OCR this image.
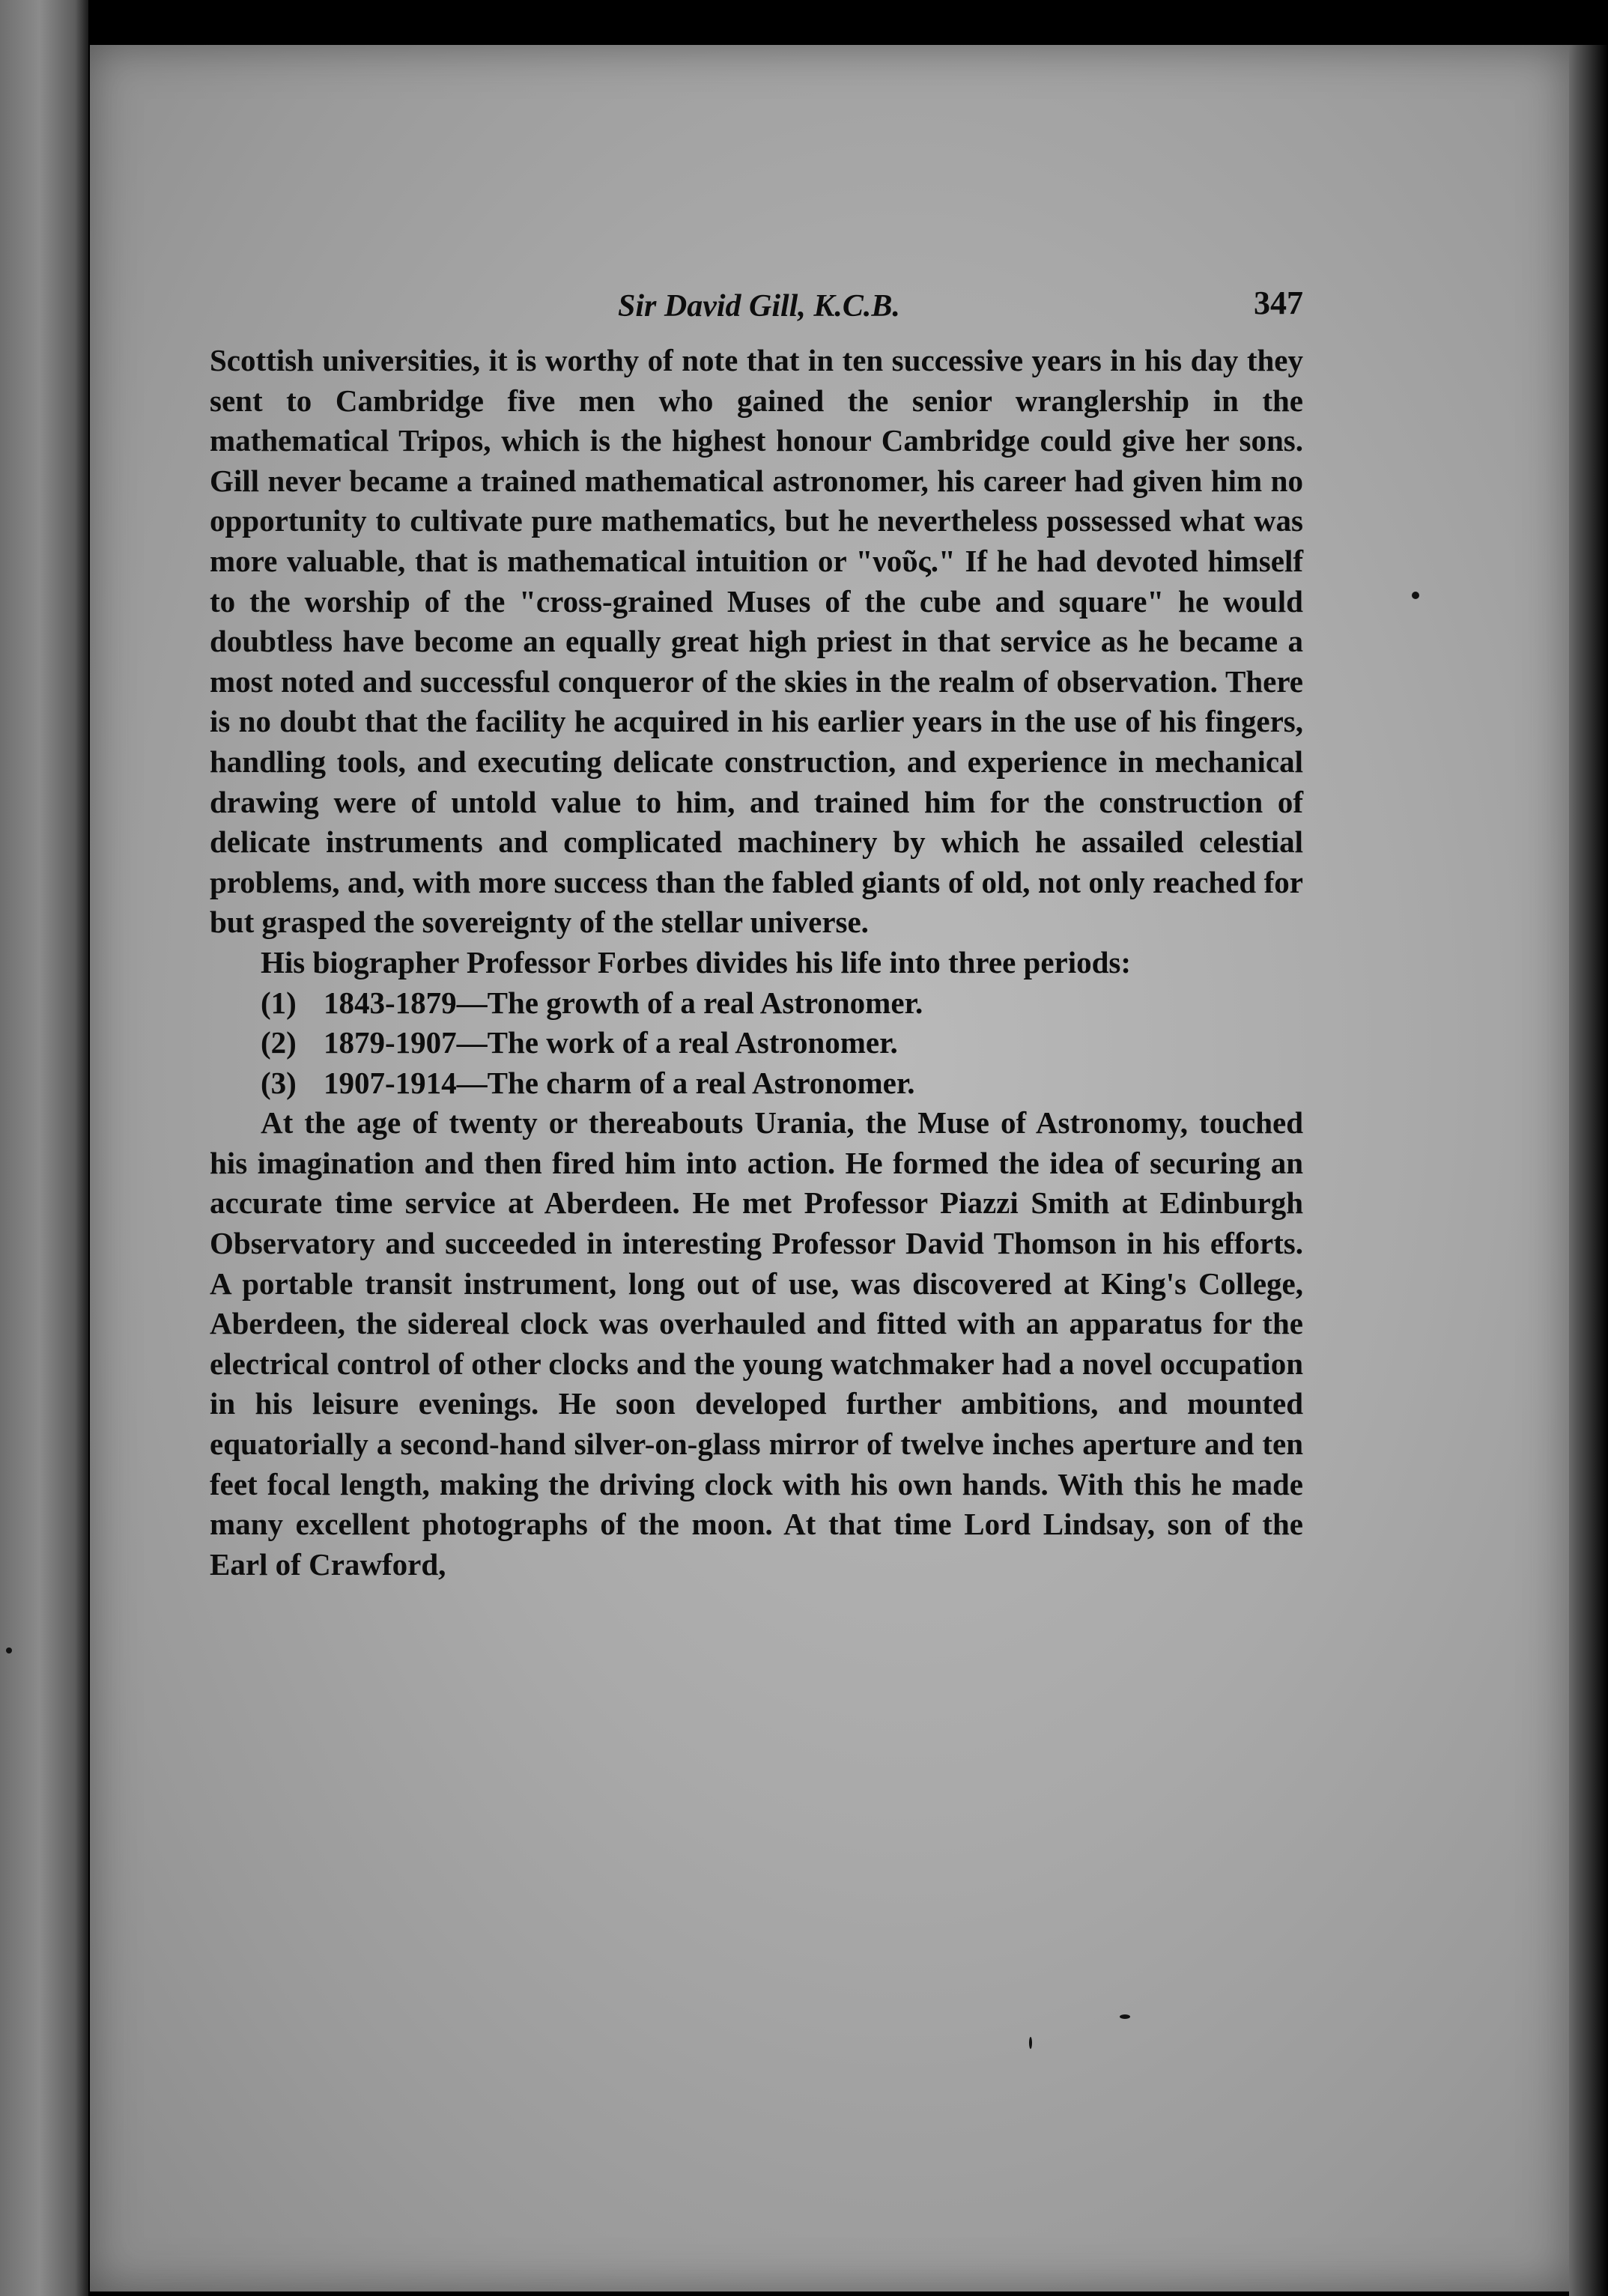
Sir David Gill, K.C.B.	347

Scottish universities, it is worthy of note that in ten successive years in his day they sent to Cambridge five men who gained the senior wranglership in the mathematical Tripos, which is the highest honour Cambridge could give her sons. Gill never became a trained mathematical astronomer, his career had given him no opportunity to cultivate pure mathematics, but he nevertheless possessed what was more valuable, that is mathematical intuition or "νοῦς." If he had devoted himself to the worship of the "cross-grained Muses of the cube and square" he would doubtless have become an equally great high priest in that service as he became a most noted and successful conqueror of the skies in the realm of observation. There is no doubt that the facility he acquired in his earlier years in the use of his fingers, handling tools, and executing delicate construction, and experience in mechanical drawing were of untold value to him, and trained him for the construction of delicate instruments and complicated machinery by which he assailed celestial problems, and, with more success than the fabled giants of old, not only reached for but grasped the sovereignty of the stellar universe.

His biographer Professor Forbes divides his life into three periods:

(1) 1843-1879—The growth of a real Astronomer.
(2) 1879-1907—The work of a real Astronomer.
(3) 1907-1914—The charm of a real Astronomer.

At the age of twenty or thereabouts Urania, the Muse of Astronomy, touched his imagination and then fired him into action. He formed the idea of securing an accurate time service at Aberdeen. He met Professor Piazzi Smith at Edinburgh Observatory and succeeded in interesting Professor David Thomson in his efforts. A portable transit instrument, long out of use, was discovered at King's College, Aberdeen, the sidereal clock was overhauled and fitted with an apparatus for the electrical control of other clocks and the young watchmaker had a novel occupation in his leisure evenings. He soon developed further ambitions, and mounted equatorially a second-hand silver-on-glass mirror of twelve inches aperture and ten feet focal length, making the driving clock with his own hands. With this he made many excellent photographs of the moon. At that time Lord Lindsay, son of the Earl of Crawford,
